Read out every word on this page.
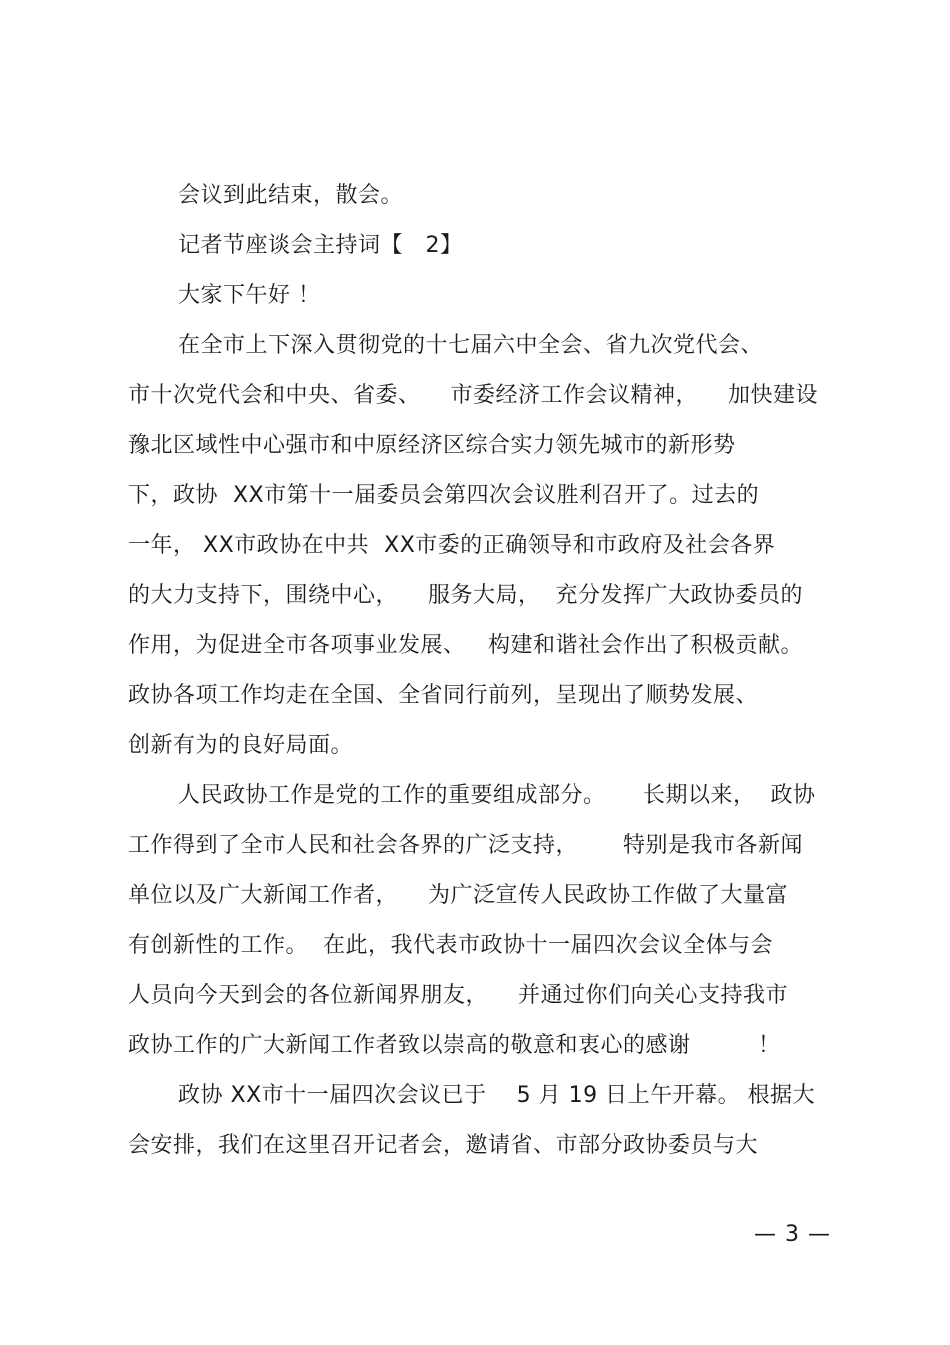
会议到此结束，散会。
记者节座谈会主持词【   2】
大家下午好 ！
在全市上下深入贯彻党的十七届六中全会、省九次党代会、
市十次党代会和中央、省委、    市委经济工作会议精神，    加快建设
豫北区域性中心强市和中原经济区综合实力领先城市的新形势
下，政协  XX市第十一届委员会第四次会议胜利召开了。过去的
一年， XX市政协在中共  XX市委的正确领导和市政府及社会各界
的大力支持下，围绕中心，    服务大局，  充分发挥广大政协委员的
作用，为促进全市各项事业发展、   构建和谐社会作出了积极贡献。
政协各项工作均走在全国、全省同行前列，呈现出了顺势发展、
创新有为的良好局面。
人民政协工作是党的工作的重要组成部分。     长期以来，  政协
工作得到了全市人民和社会各界的广泛支持，      特别是我市各新闻
单位以及广大新闻工作者，    为广泛宣传人民政协工作做了大量富
有创新性的工作。  在此，我代表市政协十一届四次会议全体与会
人员向今天到会的各位新闻界朋友，    并通过你们向关心支持我市
政协工作的广大新闻工作者致以崇高的敬意和衷心的感谢         ！
政协 XX市十一届四次会议已于    5 月 19 日上午开幕。 根据大
会安排，我们在这里召开记者会，邀请省、市部分政协委员与大
— 3 —
